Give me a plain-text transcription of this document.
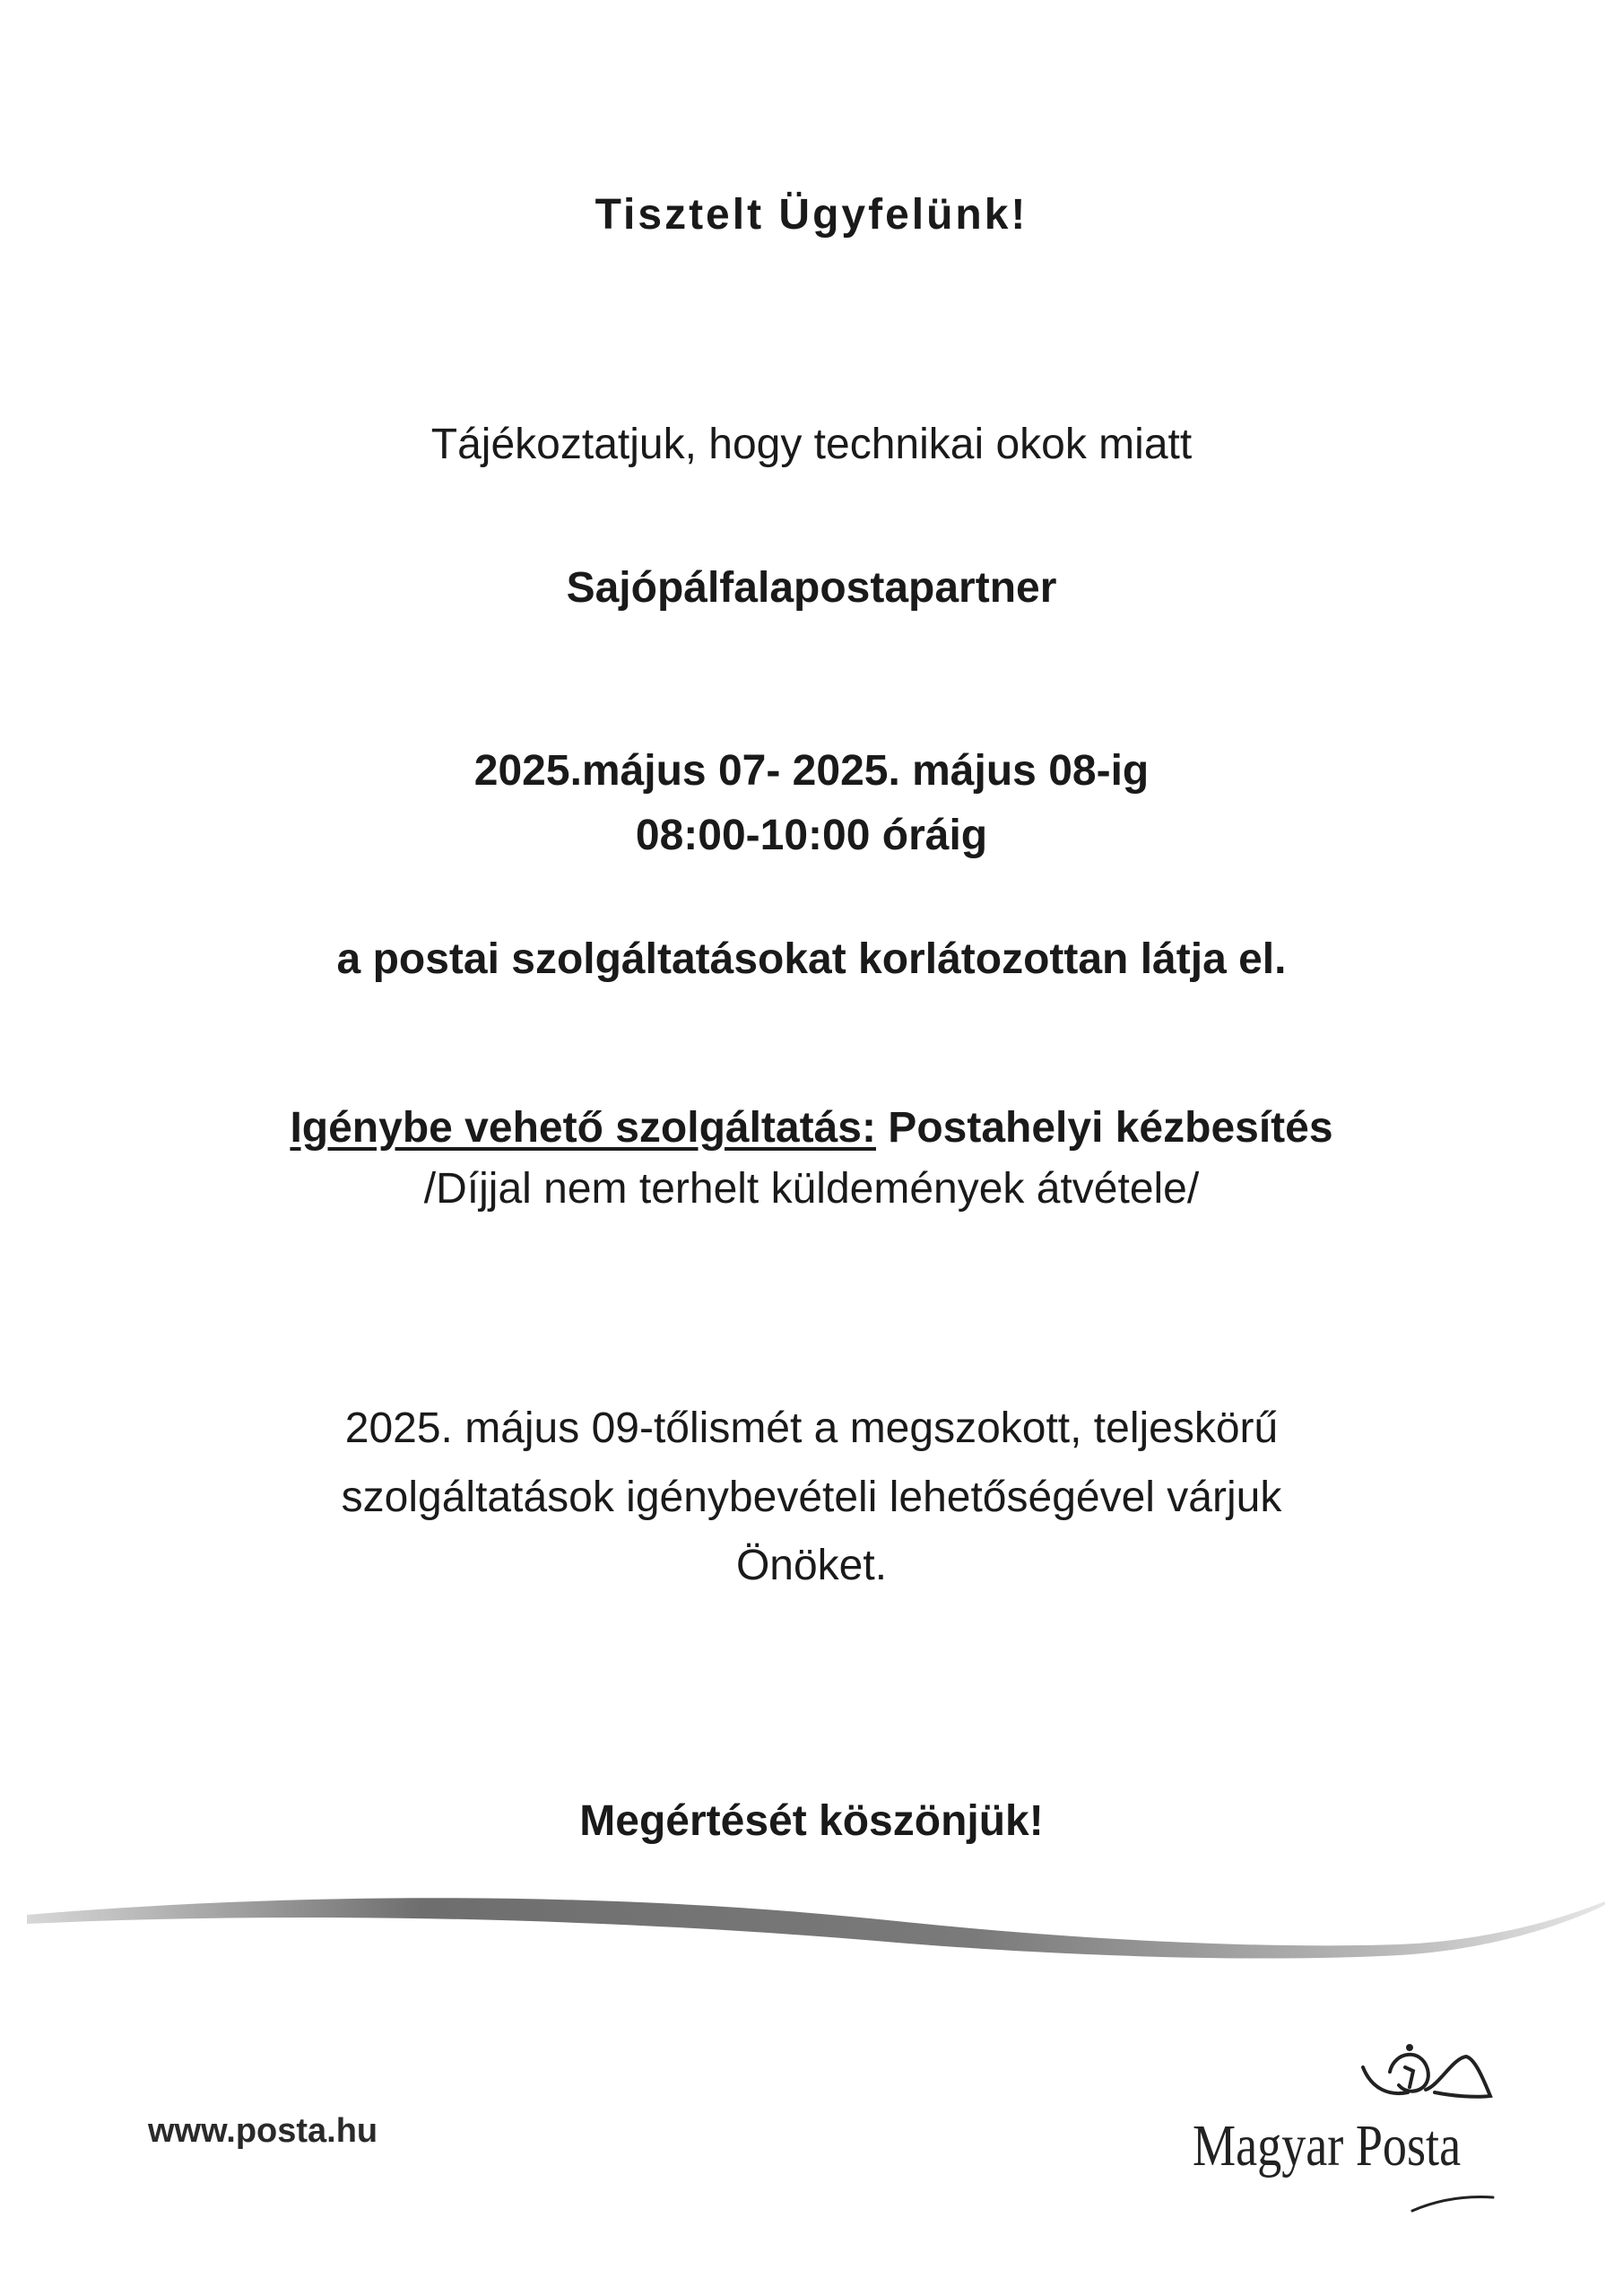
Tisztelt Ügyfelünk!
Tájékoztatjuk, hogy technikai okok miatt
Sajópálfalapostapartner
2025.május 07- 2025. május 08-ig
08:00-10:00 óráig
a postai szolgáltatásokat korlátozottan látja el.
Igénybe vehető szolgáltatás: Postahelyi kézbesítés
/Díjjal nem terhelt küldemények átvétele/
2025. május 09-tőlismét a megszokott, teljeskörű
szolgáltatások igénybevételi lehetőségével várjuk
Önöket.
Megértését köszönjük!
www.posta.hu	Magyar Posta
